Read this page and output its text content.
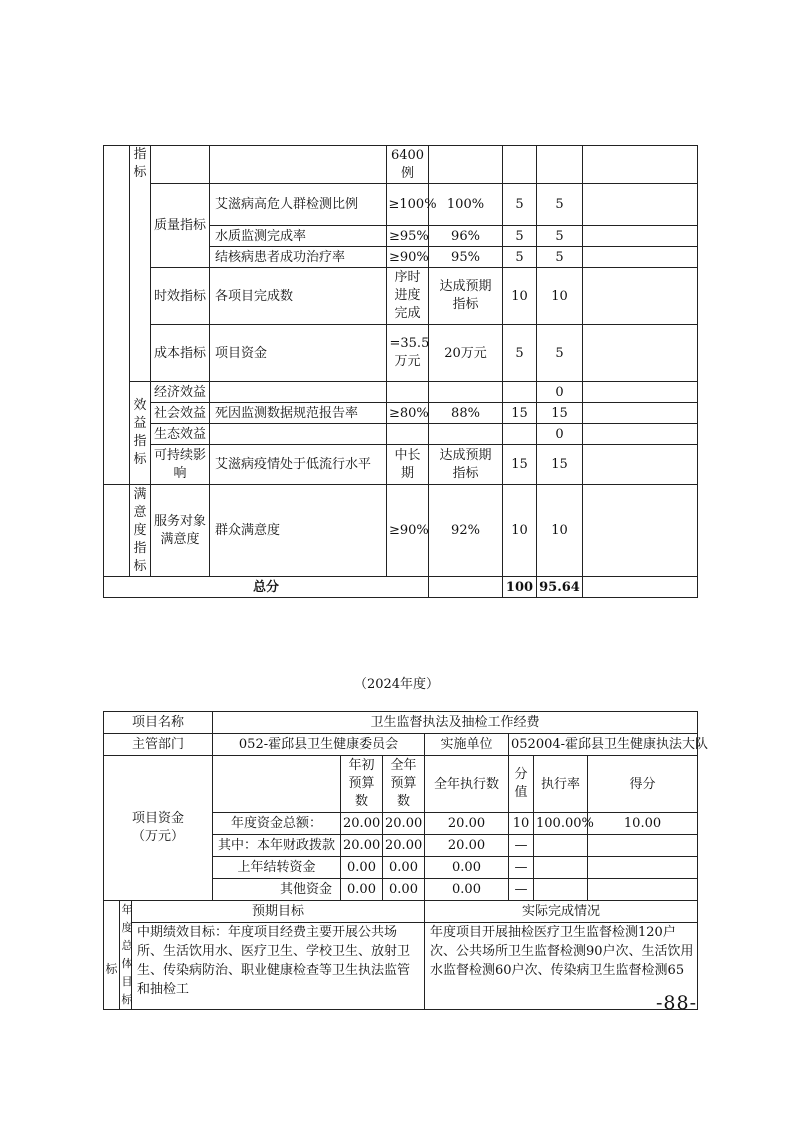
	指标			6400例				

		质量指标	艾滋病高危人群检测比例	≥100%	100%	5	5	
			水质监测完成率	≥95%	96%	5	5	
			结核病患者成功治疗率	≥90%	95%	5	5	
		时效指标	各项目完成数	序时进度完成	达成预期指标	10	10	
		成本指标	项目资金	=35.5万元	20万元	5	5	

	效益指标	经济效益					0	
		社会效益	死因监测数据规范报告率	≥80%	88%	15	15	
		生态效益					0	

		可持续影响	艾滋病疫情处于低流行水平	中长期	达成预期指标	15	15	

	满意度指标	服务对象满意度	群众满意度	≥90%	92%	10	10	
总分						100	95.64	
（2024年度）
项目名称			卫生监督执法及抽检工作经费						
主管部门			052-霍邱县卫生健康委员会			实施单位	052004-霍邱县卫生健康执法大队		

项目资金（万元）				年初预算数	全年预算数	全年执行数	分值	执行率	得分
			年度资金总额：	20.00	20.00	20.00	10	100.00%	10.00
			其中：本年财政拨款	20.00	20.00	20.00	—		
			上年结转资金	0.00	0.00	0.00	—		
			其他资金	0.00	0.00	0.00	—		

标	年度总体目标	预期目标				实际完成情况			
		中期绩效目标：年度项目经费主要开展公共场所、生活饮用水、医疗卫生、学校卫生、放射卫生、传染病防治、职业健康检查等卫生执法监管和抽检工				年度项目开展抽检医疗卫生监督检测120户次、公共场所卫生监督检测90户次、生活饮用水监督检测60户次、传染病卫生监督检测65			
-88-
